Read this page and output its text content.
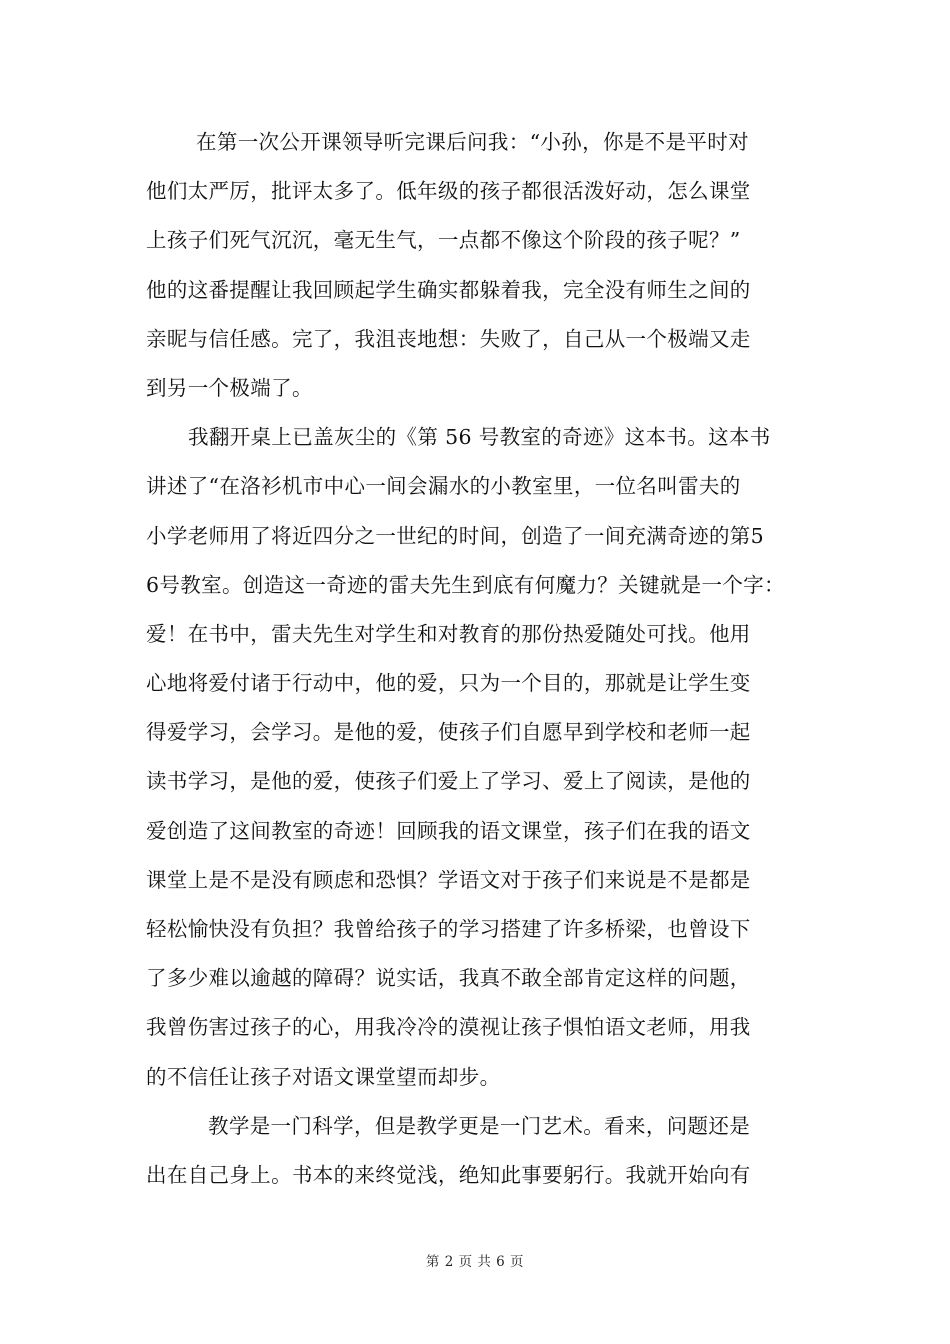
在第一次公开课领导听完课后问我：“小孙，你是不是平时对
他们太严厉，批评太多了。低年级的孩子都很活泼好动，怎么课堂
上孩子们死气沉沉，毫无生气，一点都不像这个阶段的孩子呢？”
他的这番提醒让我回顾起学生确实都躲着我，完全没有师生之间的
亲昵与信任感。完了，我沮丧地想：失败了，自己从一个极端又走
到另一个极端了。
我翻开桌上已盖灰尘的《第 56 号教室的奇迹》这本书。这本书
讲述了“在洛衫机市中心一间会漏水的小教室里，一位名叫雷夫的
小学老师用了将近四分之一世纪的时间，创造了一间充满奇迹的第5
6号教室。创造这一奇迹的雷夫先生到底有何魔力？关键就是一个字：
爱！在书中，雷夫先生对学生和对教育的那份热爱随处可找。他用
心地将爱付诸于行动中，他的爱，只为一个目的，那就是让学生变
得爱学习，会学习。是他的爱，使孩子们自愿早到学校和老师一起
读书学习，是他的爱，使孩子们爱上了学习、爱上了阅读，是他的
爱创造了这间教室的奇迹！回顾我的语文课堂，孩子们在我的语文
课堂上是不是没有顾虑和恐惧？学语文对于孩子们来说是不是都是
轻松愉快没有负担？我曾给孩子的学习搭建了许多桥梁，也曾设下
了多少难以逾越的障碍？说实话，我真不敢全部肯定这样的问题，
我曾伤害过孩子的心，用我冷冷的漠视让孩子惧怕语文老师，用我
的不信任让孩子对语文课堂望而却步。
教学是一门科学，但是教学更是一门艺术。看来，问题还是
出在自己身上。书本的来终觉浅，绝知此事要躬行。我就开始向有
第 2 页 共 6 页
